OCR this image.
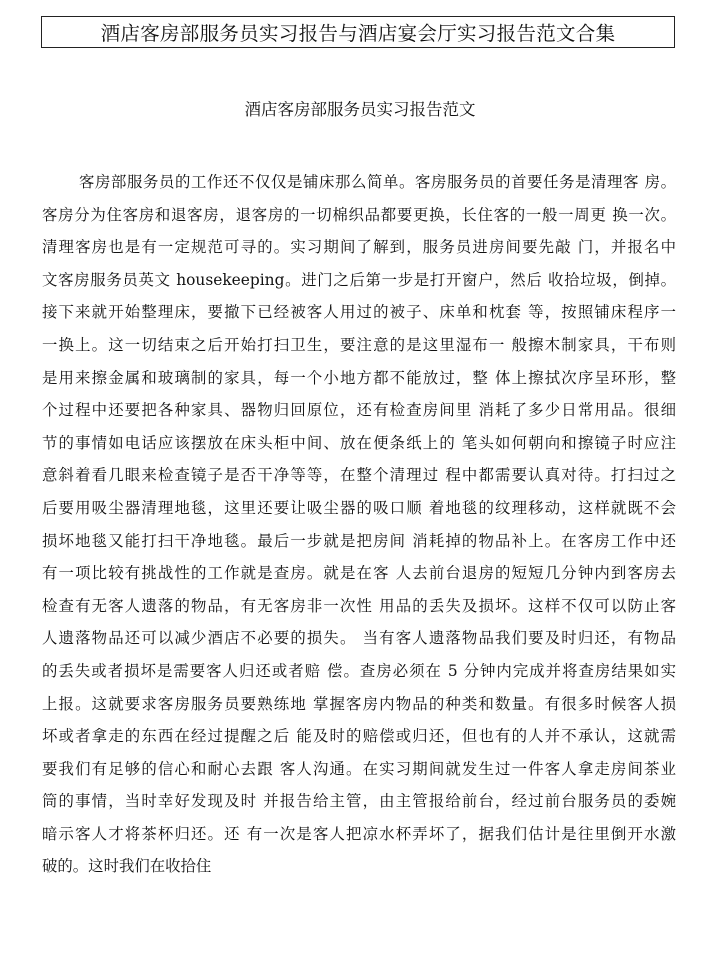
酒店客房部服务员实习报告与酒店宴会厅实习报告范文合集
酒店客房部服务员实习报告范文
客房部服务员的工作还不仅仅是铺床那么简单。客房服务员的首要任务是清理客 房。
客房分为住客房和退客房，退客房的一切棉织品都要更换，长住客的一般一周更 换一次。
清理客房也是有一定规范可寻的。实习期间了解到，服务员进房间要先敲 门，并报名中
文客房服务员英文 housekeeping。进门之后第一步是打开窗户，然后 收拾垃圾，倒掉。
接下来就开始整理床，要撤下已经被客人用过的被子、床单和枕套 等，按照铺床程序一
一换上。这一切结束之后开始打扫卫生，要注意的是这里湿布一 般擦木制家具，干布则
是用来擦金属和玻璃制的家具，每一个小地方都不能放过，整 体上擦拭次序呈环形，整
个过程中还要把各种家具、器物归回原位，还有检查房间里 消耗了多少日常用品。很细
节的事情如电话应该摆放在床头柜中间、放在便条纸上的 笔头如何朝向和擦镜子时应注
意斜着看几眼来检查镜子是否干净等等，在整个清理过 程中都需要认真对待。打扫过之
后要用吸尘器清理地毯，这里还要让吸尘器的吸口顺 着地毯的纹理移动，这样就既不会
损坏地毯又能打扫干净地毯。最后一步就是把房间 消耗掉的物品补上。在客房工作中还
有一项比较有挑战性的工作就是查房。就是在客 人去前台退房的短短几分钟内到客房去
检查有无客人遗落的物品，有无客房非一次性 用品的丢失及损坏。这样不仅可以防止客
人遗落物品还可以减少酒店不必要的损失。 当有客人遗落物品我们要及时归还，有物品
的丢失或者损坏是需要客人归还或者赔 偿。查房必须在 5 分钟内完成并将查房结果如实
上报。这就要求客房服务员要熟练地 掌握客房内物品的种类和数量。有很多时候客人损
坏或者拿走的东西在经过提醒之后 能及时的赔偿或归还，但也有的人并不承认，这就需
要我们有足够的信心和耐心去跟 客人沟通。在实习期间就发生过一件客人拿走房间茶业
筒的事情，当时幸好发现及时 并报告给主管，由主管报给前台，经过前台服务员的委婉
暗示客人才将茶杯归还。还 有一次是客人把凉水杯弄坏了，据我们估计是往里倒开水激
破的。这时我们在收拾住
